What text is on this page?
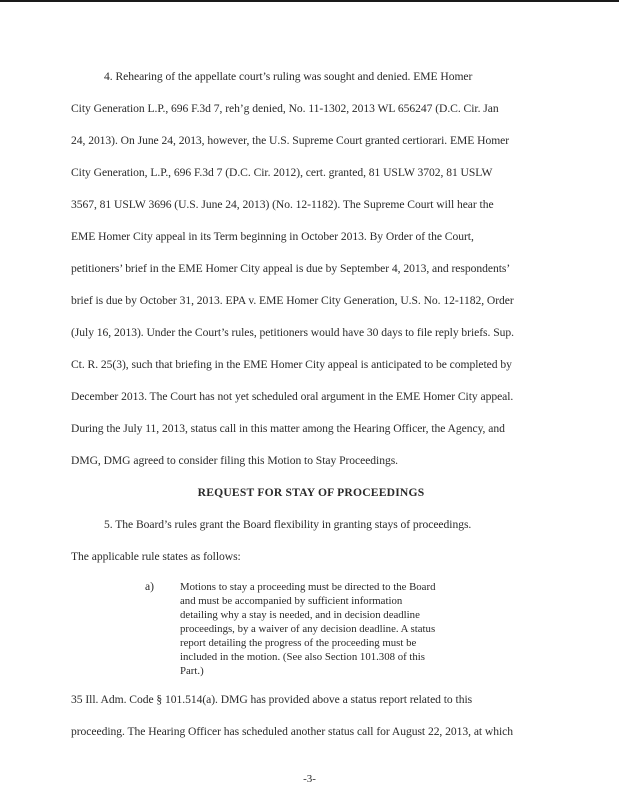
4. Rehearing of the appellate court’s ruling was sought and denied. EME Homer
City Generation L.P., 696 F.3d 7, reh’g denied, No. 11-1302, 2013 WL 656247 (D.C. Cir. Jan
24, 2013). On June 24, 2013, however, the U.S. Supreme Court granted certiorari. EME Homer
City Generation, L.P., 696 F.3d 7 (D.C. Cir. 2012), cert. granted, 81 USLW 3702, 81 USLW
3567, 81 USLW 3696 (U.S. June 24, 2013) (No. 12-1182). The Supreme Court will hear the
EME Homer City appeal in its Term beginning in October 2013. By Order of the Court,
petitioners’ brief in the EME Homer City appeal is due by September 4, 2013, and respondents’
brief is due by October 31, 2013. EPA v. EME Homer City Generation, U.S. No. 12-1182, Order
(July 16, 2013). Under the Court’s rules, petitioners would have 30 days to file reply briefs. Sup.
Ct. R. 25(3), such that briefing in the EME Homer City appeal is anticipated to be completed by
December 2013. The Court has not yet scheduled oral argument in the EME Homer City appeal.
During the July 11, 2013, status call in this matter among the Hearing Officer, the Agency, and
DMG, DMG agreed to consider filing this Motion to Stay Proceedings.
REQUEST FOR STAY OF PROCEEDINGS
5. The Board’s rules grant the Board flexibility in granting stays of proceedings.
The applicable rule states as follows:
a) Motions to stay a proceeding must be directed to the Board
and must be accompanied by sufficient information
detailing why a stay is needed, and in decision deadline
proceedings, by a waiver of any decision deadline. A status
report detailing the progress of the proceeding must be
included in the motion. (See also Section 101.308 of this
Part.)
35 Ill. Adm. Code § 101.514(a). DMG has provided above a status report related to this
proceeding. The Hearing Officer has scheduled another status call for August 22, 2013, at which
-3-
